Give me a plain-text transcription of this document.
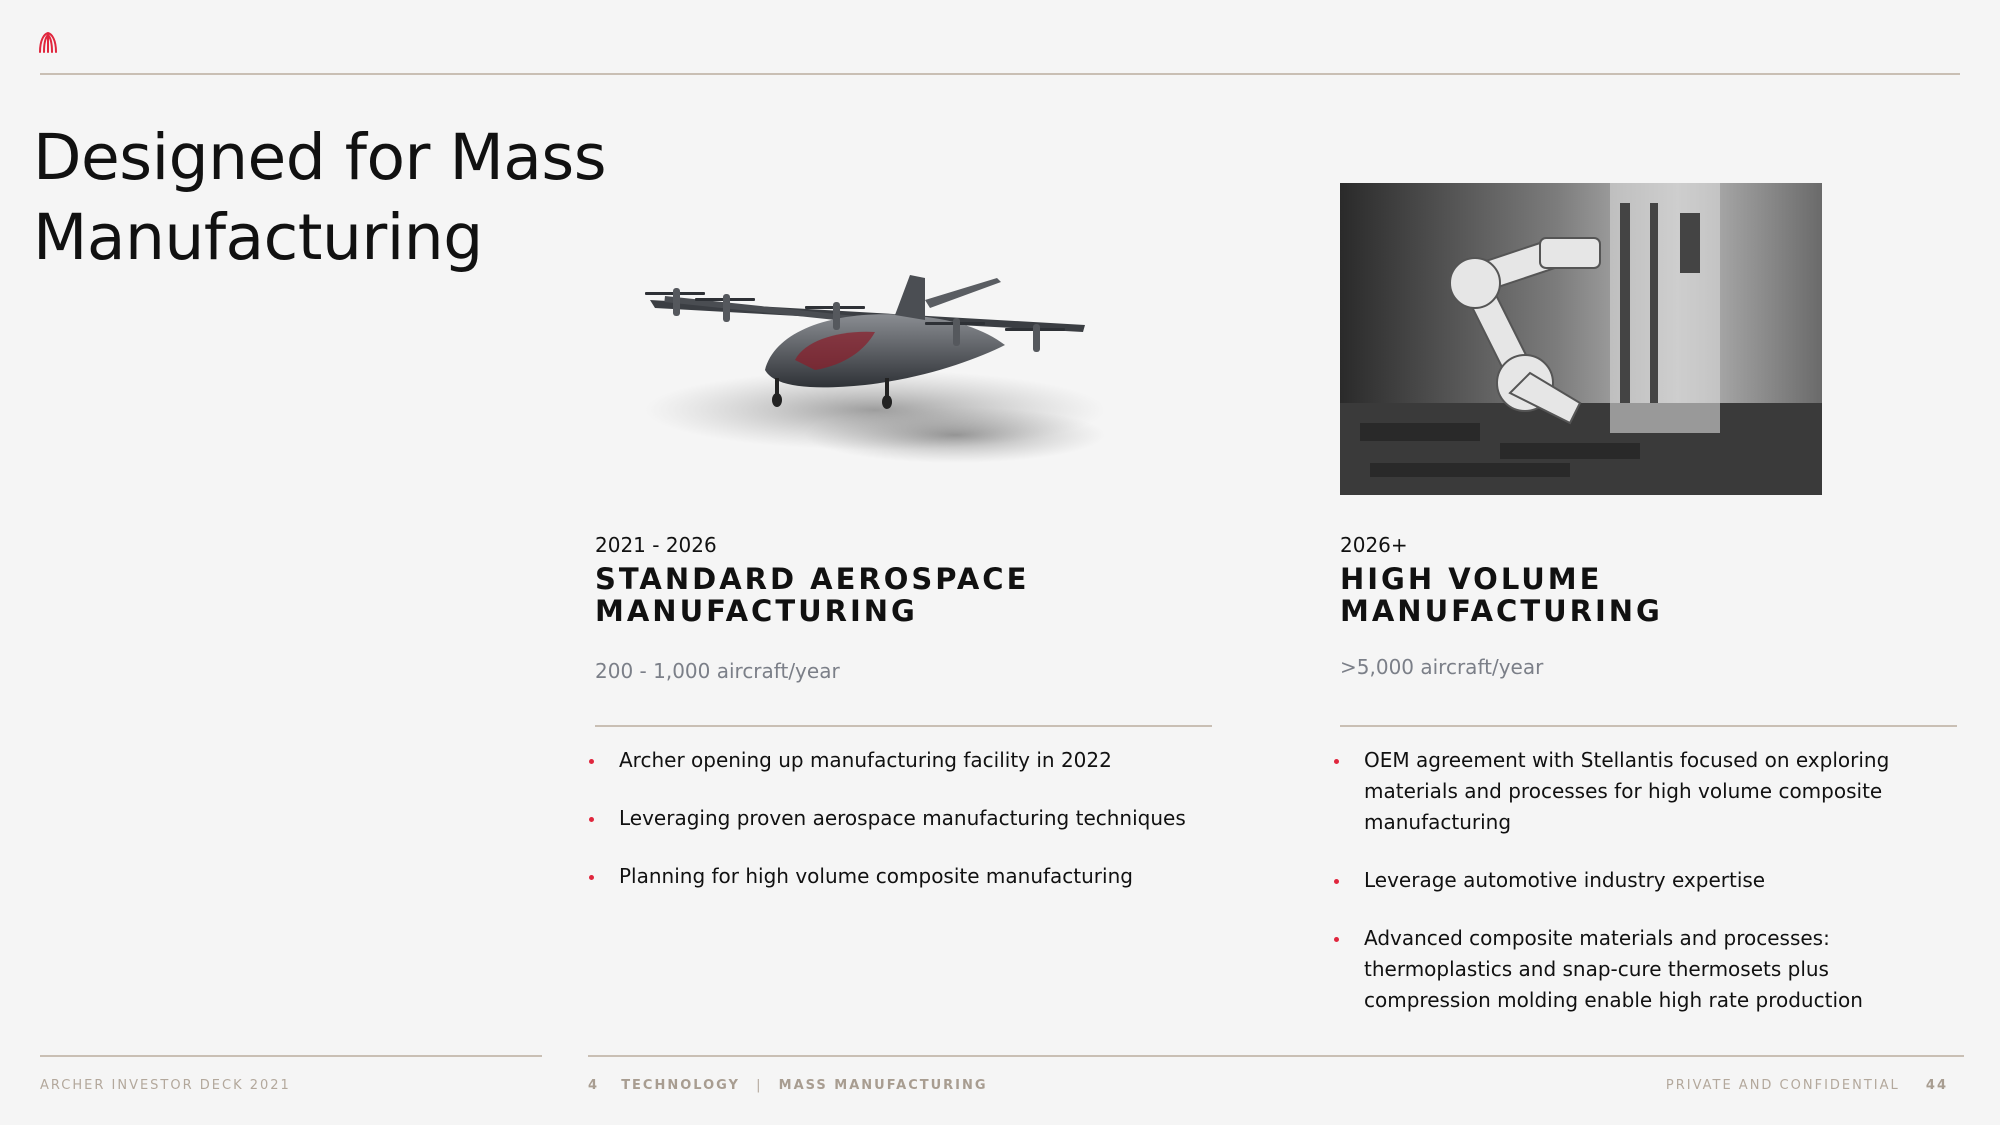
Designed for Mass
Manufacturing
2021 - 2026
STANDARD AEROSPACE
MANUFACTURING
200 - 1,000 aircraft/year
Archer opening up manufacturing facility in 2022
Leveraging proven aerospace manufacturing techniques
Planning for high volume composite manufacturing
2026+
HIGH VOLUME
MANUFACTURING
>5,000 aircraft/year
OEM agreement with Stellantis focused on exploring materials and processes for high volume composite manufacturing
Leverage automotive industry expertise
Advanced composite materials and processes: thermoplastics and snap-cure thermosets plus compression molding enable high rate production
ARCHER INVESTOR DECK 2021	4 TECHNOLOGY | MASS MANUFACTURING	PRIVATE AND CONFIDENTIAL 44
